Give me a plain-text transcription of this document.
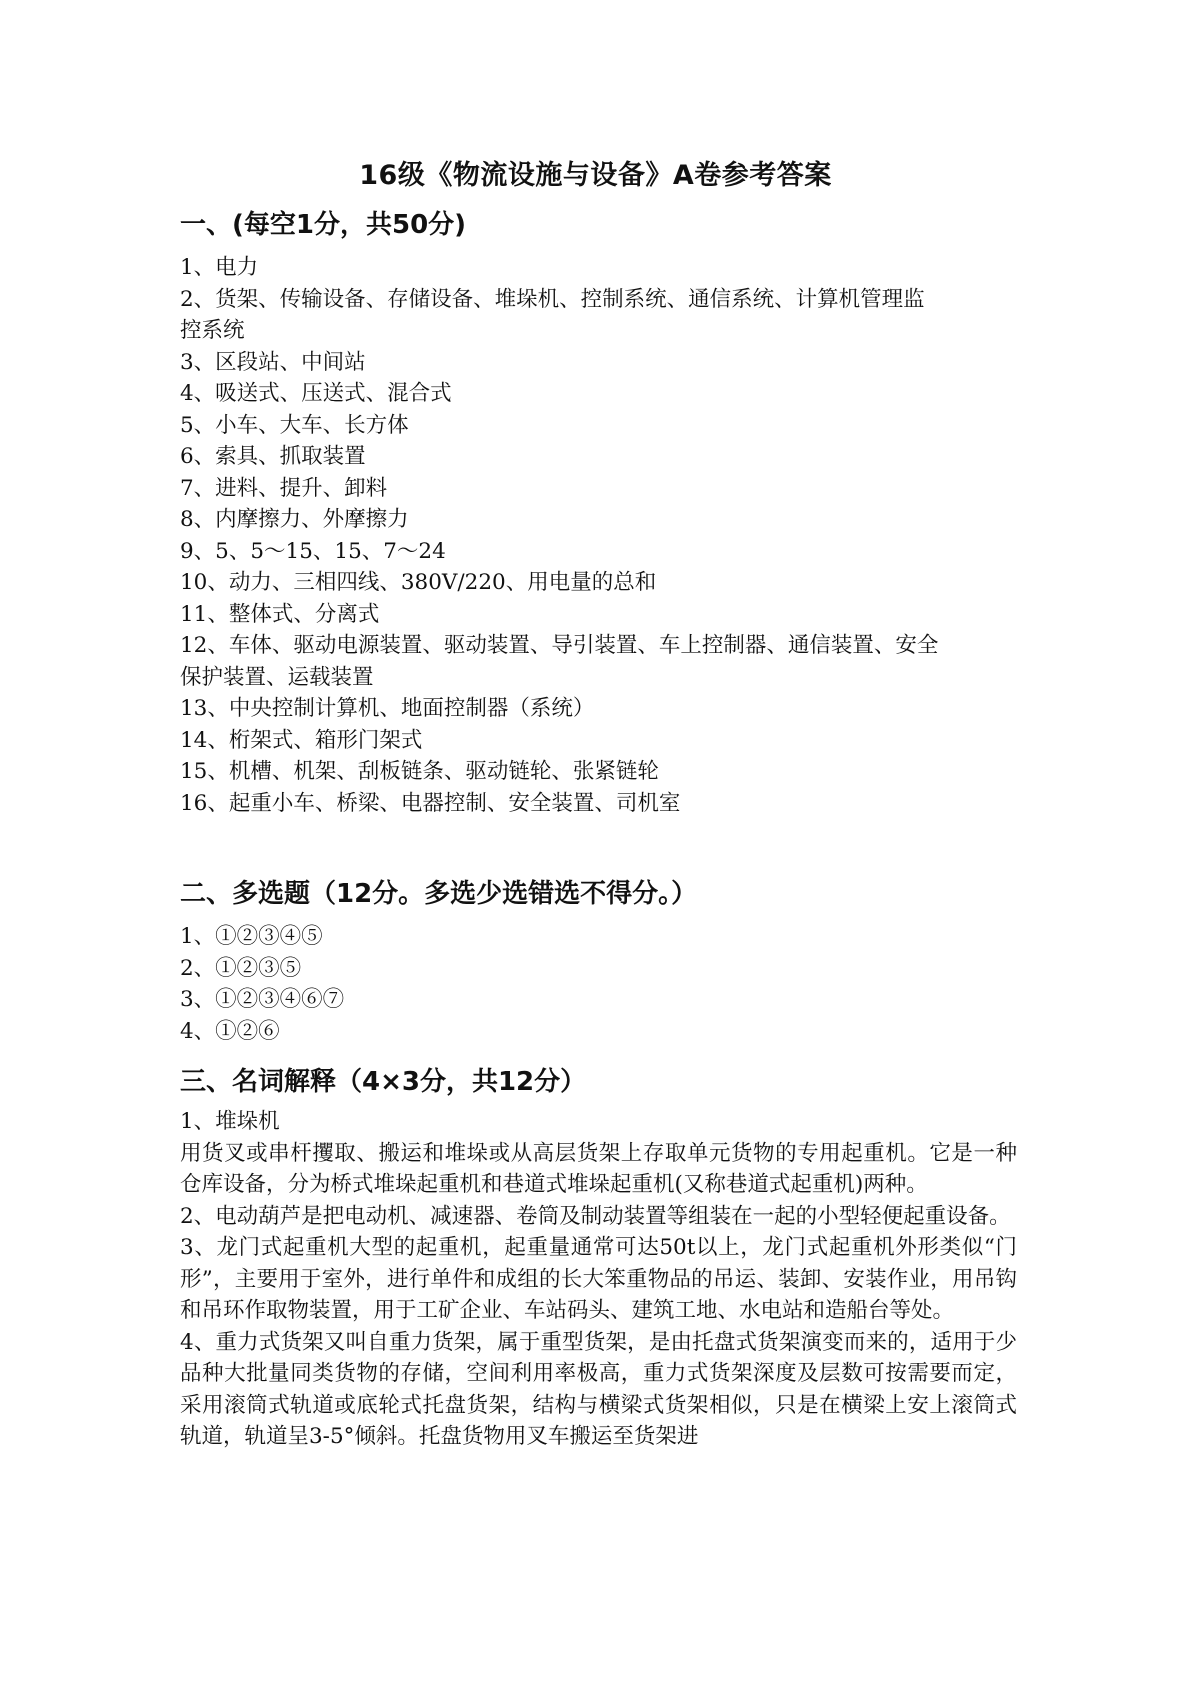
16级《物流设施与设备》A卷参考答案
一、(每空1分，共50分)

1、电力

2、货架、传输设备、存储设备、堆垛机、控制系统、通信系统、计算机管理监

控系统

3、区段站、中间站

4、吸送式、压送式、混合式

5、小车、大车、长方体

6、索具、抓取装置

7、进料、提升、卸料

8、内摩擦力、外摩擦力

9、5、5～15、15、7～24

10、动力、三相四线、380V/220、用电量的总和

11、整体式、分离式

12、车体、驱动电源装置、驱动装置、导引装置、车上控制器、通信装置、安全

保护装置、运载装置

13、中央控制计算机、地面控制器（系统）

14、桁架式、箱形门架式

15、机槽、机架、刮板链条、驱动链轮、张紧链轮

16、起重小车、桥梁、电器控制、安全装置、司机室

二、多选题（12分。多选少选错选不得分。）

1、①②③④⑤

2、①②③⑤

3、①②③④⑥⑦

4、①②⑥

三、名词解释（4×3分，共12分）

1、堆垛机

用货叉或串杆攫取、搬运和堆垛或从高层货架上存取单元货物的专用起重机。它是一种仓库设备，分为桥式堆垛起重机和巷道式堆垛起重机(又称巷道式起重机)两种。

2、电动葫芦是把电动机、减速器、卷筒及制动装置等组装在一起的小型轻便起重设备。

3、龙门式起重机大型的起重机，起重量通常可达50t以上，龙门式起重机外形类似“门形”，主要用于室外，进行单件和成组的长大笨重物品的吊运、装卸、安装作业，用吊钩和吊环作取物装置，用于工矿企业、车站码头、建筑工地、水电站和造船台等处。

4、重力式货架又叫自重力货架，属于重型货架，是由托盘式货架演变而来的，适用于少品种大批量同类货物的存储，空间利用率极高，重力式货架深度及层数可按需要而定，采用滚筒式轨道或底轮式托盘货架，结构与横梁式货架相似，只是在横梁上安上滚筒式轨道，轨道呈3-5°倾斜。托盘货物用叉车搬运至货架进
